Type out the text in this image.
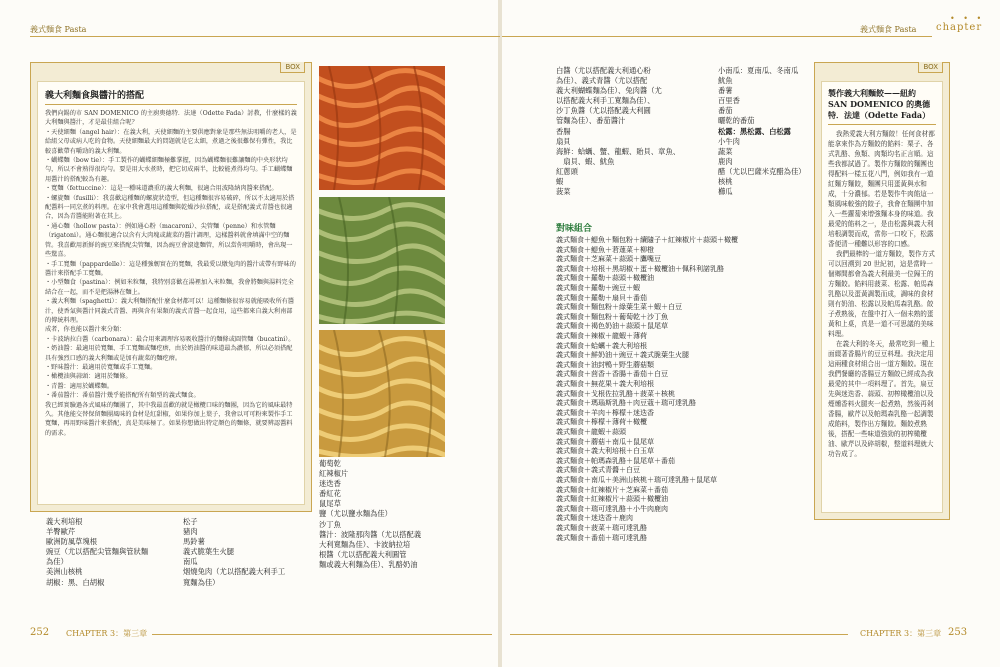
義式麵食 Pasta	義式麵食 Pasta
• • •
chapter
BOX
義大利麵食與醬汁的搭配

我們向錫的市 SAN DOMENICO 的主廚奧德特．法達（Odette Fada）討教，什麼樣的義大利麵與醬汁，才是最佳組合呢？

・天使細麵（angel hair）：在義大利，天使細麵的主要供應對象是那些無法咀嚼的老人，是給組父母或病人吃的食物。天使細麵最大的問題就是它太細，煮過之後很難保有彈性，我比較喜歡帶有嚼勁的義大利麵。

・蝴蝶麵（bow tie）：手工製作的蝴蝶細麵極難掌握，因為蝴蝶麵很難讓麵的中央形狀均勻，所以不會熟得很均勻。要是用大水煮時，把它切成兩半，比較能煮得均勻。手工蝴蝶麵用醬汁的搭配較為有趣。

・寬麵（fettuccine）：這是一種味道濃重的義大利麵，很適合用波隆納肉醬來搭配。

・螺旋麵（fusilli）：我喜歡這種麵的螺旋狀造型，但這種麵很容易破碎，所以不太適用於搭配醬料一同烹煮的料理。在家中我會選用這種麵與乾燥沙拉搭配，或是搭配義式青醬也很適合，因為青醬能附著在其上。

・通心麵（hollow pasta）：例如通心粉（macaroni）、尖管麵（penne）和水管麵（rigatoni）。通心麵很適合以含有大肉塊或蔬菜的醬汁調理，這樣醬料就會填滿中空的麵管。我喜歡用新鮮的豌豆來搭配尖管麵，因為豌豆會滾進麵管，所以當你咀嚼時，會出現一些驚喜。

・手工寬麵（pappardelle）：這是種強韌實在的寬麵，我最愛以燉兔肉的醬汁或帶有野味的醬汁來搭配手工寬麵。

・小型麵食（pastina）：例如米粒麵，我特別喜歡在湯裡加入米粒麵，我會將麵與湯料完全結合在一起，而不是把湯淋在麵上。

・義大利麵（spaghetti）：義大利麵搭配什麼食材都可以！這種麵條很容易就能吸收所有醬汁，使香氣與醬汁同義式青醬、再與含有果類的義式青醬一起食用，這些都來自義大利南部的傳統料理。

成者，你也能以醬汁來分類：

・卡波納拉白醬（carbonara）：最合用來調理容易吸收醬汁的麵條或圓管麵（bucatini）。

・奶油醬：最適用於寬麵、手工寬麵或麵疙瘩，由於奶油醬的味道最為濃郁，所以必須搭配具有強烈口感的義大利麵或是加有蔬菜的麵疙瘩。

・野味醬汁：最適用於寬麵或手工寬麵。

・橄欖油與蒜頭：適用於麵條。

・青醬：適用於蝴蝶麵。

・番茄醬汁：番茄醬汁幾乎能搭配所有類型的義式麵食。

我已經實驗過各式風味的麵團了，其中我最喜歡的就是橄欖口味的麵團，因為它的風味最特久。其他能交替保留麵團風味的食材是紅甜椒，如果你加上葉子，我會以可可粉來製作手工寬麵，再用野味醬汁來搭配，真是美味極了。如果你想做出特定顏色的麵條，就要辨認醬料的需求。

義大利培根
羊臀歐芹
歐洲防風草塊根
豌豆（尤以搭配尖管麵與管狀麵
為佳）
美洲山核桃
胡椒：黑、白胡椒
松子
豬肉
馬鈴薯
義式脆葉生火腿
南瓜
烟燒兔肉（尤以搭配義大利手工
寬麵為佳）
葡萄乾
紅辣椒片
迷迭香
番紅花
鼠尾草
鹽（尤以鹽水麵為佳）
沙丁魚
醬汁：波隆那肉醬（尤以搭配義
大利寬麵為佳）、卡波納拉培
根醬（尤以搭配義大利圓管
麵或義大利麵為佳）、乳酪奶油
白醬（尤以搭配義大利通心粉
為佳）、義式青醬（尤以搭配
義大利蝴蝶麵為佳）、兔肉醬（尤
以搭配義大利手工寬麵為佳）、
沙丁魚醬（尤以搭配義大利圓
管麵為佳）、番茄醬汁
香腸
扇貝
海鮮：蛤蠣、蟹、龍蝦、貽貝、章魚、
　扇貝、蝦、魷魚
紅蔥頭
蝦
菠菜
小南瓜：夏南瓜、冬南瓜
魷魚
番薯
百里香
番茄
曬乾的番茄
松露：黑松露、白松露
小牛肉
蔬菜
鹿肉
醋（尤以巴薩米克醋為佳）
核桃
櫛瓜
對味組合
義式麵食＋鯷魚＋麵包粉＋續隨子＋紅辣椒片＋蒜頭＋橄欖
義式麵食＋鯷魚＋莙薘菜＋柳橙
義式麵食＋芝麻菜＋蒜頭＋鷹嘴豆
義式麵食＋培根＋黑胡椒＋蛋＋橄欖油＋佩科利諾乳酪
義式麵食＋羅勒＋蒜頭＋橄欖油
義式麵食＋羅勒＋豌豆＋蝦
義式麵食＋羅勒＋扇貝＋番茄
義式麵食＋麵包粉＋綠葉生菜＋蝦＋白豆
義式麵食＋麵包粉＋葡萄乾＋沙丁魚
義式麵食＋褐色奶油＋蒜頭＋鼠尾草
義式麵食＋辣椒＋龍蝦＋薄荷
義式麵食＋蛤蠣＋義大利培根
義式麵食＋鮮奶油＋豌豆＋義式脆葉生火腿
義式麵食＋油封鴨＋野生蘑菇類
義式麵食＋茴香＋香腸＋番茄＋白豆
義式麵食＋無花果＋義大利培根
義式麵食＋戈根佐拉乳酪＋菠菜＋核桃
義式麵食＋瑪瑙斯乳酪＋肉豆蔻＋瑞可達乳酪
義式麵食＋羊肉＋檸檬＋迷迭香
義式麵食＋檸檬＋薄荷＋橄欖
義式麵食＋龍蝦＋蒜頭
義式麵食＋蘑菇＋南瓜＋鼠尾草
義式麵食＋義大利培根＋白玉草
義式麵食＋帕瑪森乳酪＋鼠尾草＋番茄
義式麵食＋義式青醬＋白豆
義式麵食＋南瓜＋美洲山核桃＋瑞可達乳酪＋鼠尾草
義式麵食＋紅辣椒片＋芝麻菜＋番茄
義式麵食＋紅辣椒片＋蒜頭＋橄欖油
義式麵食＋瑞可達乳酪＋小牛肉鹿肉
義式麵食＋迷迭香＋鹿肉
義式麵食＋菠菜＋瑞可達乳酪
義式麵食＋番茄＋瑞可達乳酪
BOX
製作義大利麵餃——紐約 SAN DOMENICO 的奧德特．法達（Odette Fada）

我熱愛義大利方麵餃！任何食材都能拿來作為方麵餃的餡料：栗子、各式乳酪、魚類、肉類均名正言順。這些我都試過了。製作方麵餃的麵團也得配料一樣五花八門，例如我有一道紅麵方麵餃，麵團只用蛋黃與水和成，十分濃郁。若是製作牛肉餡這一類風味較強的餃子，我會在麵團中加入一些蘿蔔來增強麵本身的味道。我最愛的餡料之一，是由松露與義大利培根調製而成，當你一口咬下，松露香便清一種難以形容的口感。

我們最棒的一道方麵餃，製作方式可以回溯到 20 世紀初，這是當時一個鄉間都會為義大利最美一位歸王的方麵餃。餡料用菠菜、松露、帕馬森乳酪以及蛋黃調製而成，調味的食材則有奶油、松露以及帕馬森乳酪。餃子煮熟後，在盤中打入一個未熟的蛋黃和上桌，真是一道不可思議的美味料理。

在義大利的冬天，最常吃到一種上面綴著香腸片的豆豆料理。我決定用這兩種食材組合出一道方麵餃。現在我們餐廳的香腸豆方麵餃已經成為我最愛的其中一項料理了。首先，扁豆先與迷迭香、蒜頭、初榨橄欖油以及煙燻香料火腿夾一起煮熟，然後再剁香腸，歐芹以及帕瑪森乳酪一起調製成餡料，製作出方麵餃。麵餃煮熟後，搭配一些味道強勁的初榨橄欖油、歐芹以及碎胡椒，整道料理就大功告成了。

252 CHAPTER 3：第三章	CHAPTER 3：第三章 253
